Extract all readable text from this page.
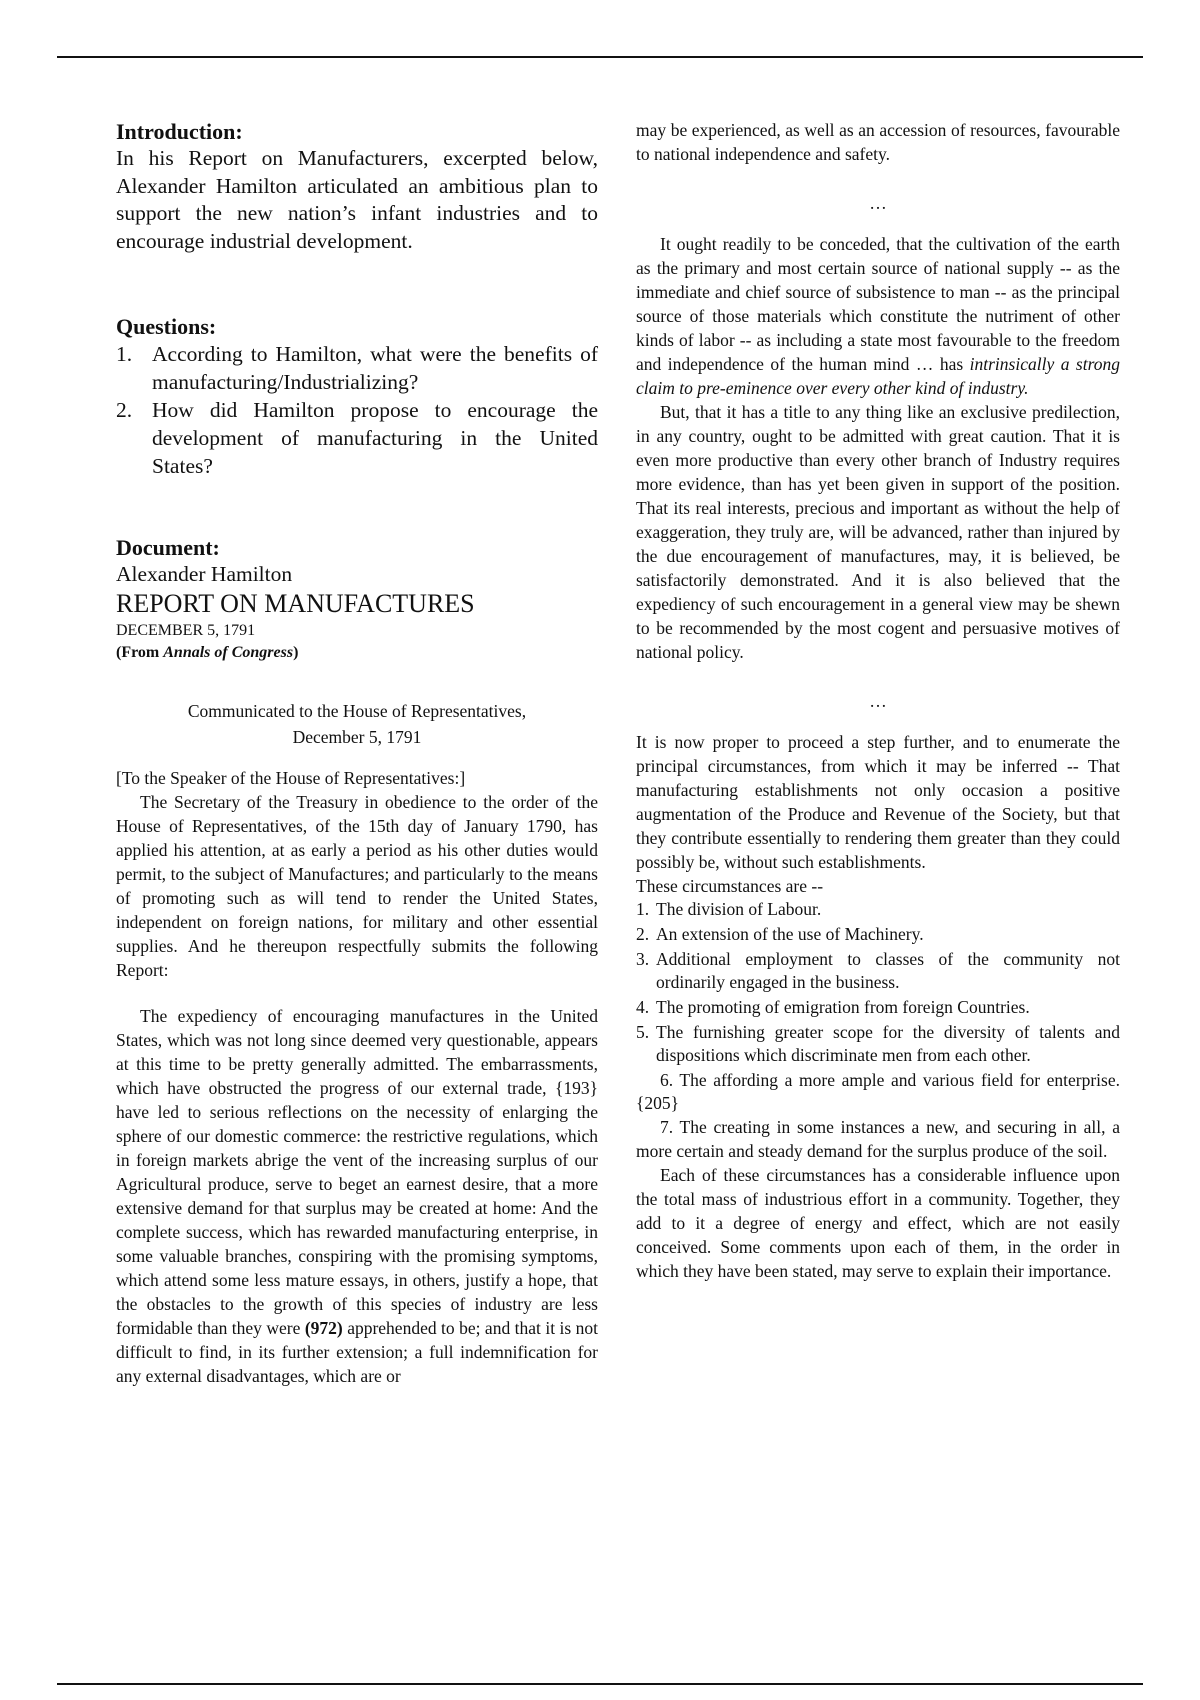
Introduction:

In his Report on Manufacturers, excerpted below, Alexander Hamilton articulated an ambitious plan to support the new nation’s infant industries and to encourage industrial development.

Questions:

1. According to Hamilton, what were the benefits of manufacturing/Industrializing?
2. How did Hamilton propose to encourage the development of manufacturing in the United States?

Document:

Alexander Hamilton

REPORT ON MANUFACTURES

DECEMBER 5, 1791

(From Annals of Congress)

Communicated to the House of Representatives,

December 5, 1791

[To the Speaker of the House of Representatives:]

The Secretary of the Treasury in obedience to the order of the House of Representatives, of the 15th day of January 1790, has applied his attention, at as early a period as his other duties would permit, to the subject of Manufactures; and particularly to the means of promoting such as will tend to render the United States, independent on foreign nations, for military and other essential supplies. And he thereupon respectfully submits the following Report:

The expediency of encouraging manufactures in the United States, which was not long since deemed very questionable, appears at this time to be pretty generally admitted. The embarrassments, which have obstructed the progress of our external trade, {193} have led to serious reflections on the necessity of enlarging the sphere of our domestic commerce: the restrictive regulations, which in foreign markets abrige the vent of the increasing surplus of our Agricultural produce, serve to beget an earnest desire, that a more extensive demand for that surplus may be created at home: And the complete success, which has rewarded manufacturing enterprise, in some valuable branches, conspiring with the promising symptoms, which attend some less mature essays, in others, justify a hope, that the obstacles to the growth of this species of industry are less formidable than they were (972) apprehended to be; and that it is not difficult to find, in its further extension; a full indemnification for any external disadvantages, which are or

may be experienced, as well as an accession of resources, favourable to national independence and safety.

…

It ought readily to be conceded, that the cultivation of the earth as the primary and most certain source of national supply -- as the immediate and chief source of subsistence to man -- as the principal source of those materials which constitute the nutriment of other kinds of labor -- as including a state most favourable to the freedom and independence of the human mind … has intrinsically a strong claim to pre-eminence over every other kind of industry.

But, that it has a title to any thing like an exclusive predilection, in any country, ought to be admitted with great caution. That it is even more productive than every other branch of Industry requires more evidence, than has yet been given in support of the position. That its real interests, precious and important as without the help of exaggeration, they truly are, will be advanced, rather than injured by the due encouragement of manufactures, may, it is believed, be satisfactorily demonstrated. And it is also believed that the expediency of such encouragement in a general view may be shewn to be recommended by the most cogent and persuasive motives of national policy.

…

It is now proper to proceed a step further, and to enumerate the principal circumstances, from which it may be inferred -- That manufacturing establishments not only occasion a positive augmentation of the Produce and Revenue of the Society, but that they contribute essentially to rendering them greater than they could possibly be, without such establishments.

These circumstances are --

1. The division of Labour.
2. An extension of the use of Machinery.
3. Additional employment to classes of the community not ordinarily engaged in the business.
4. The promoting of emigration from foreign Countries.
5. The furnishing greater scope for the diversity of talents and dispositions which discriminate men from each other.
6. The affording a more ample and various field for enterprise. {205}

7. The creating in some instances a new, and securing in all, a more certain and steady demand for the surplus produce of the soil.

Each of these circumstances has a considerable influence upon the total mass of industrious effort in a community. Together, they add to it a degree of energy and effect, which are not easily conceived. Some comments upon each of them, in the order in which they have been stated, may serve to explain their importance.
